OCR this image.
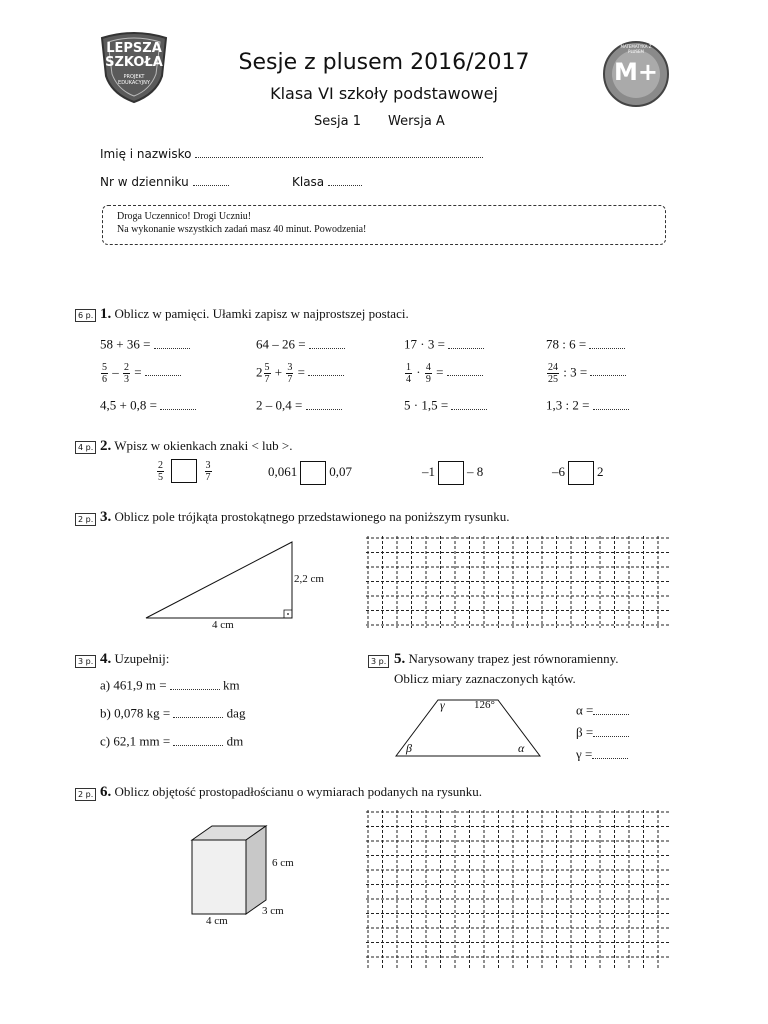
LEPSZA
SZKOŁA
PROJEKT
EDUKACYJNY
Sesje z plusem 2016/2017
Klasa VI szkoły podstawowej
Sesja 1 Wersja A
M+
MATEMATYKA Z PLUSEM
Imię i nazwisko
Nr w dzienniku	Klasa
Droga Uczennico! Drogi Uczniu!
Na wykonanie wszystkich zadań masz 40 minut. Powodzenia!
6 p. 1. Oblicz w pamięci. Ułamki zapisz w najprostszej postaci.
58 + 36 =	64 – 26 =	17 · 3 =	78 : 6 =
$\frac{5}{6} - \frac{2}{3}$ =	$2 \frac{5}{7} + \frac{3}{7}$ =	$\frac{1}{4} \cdot \frac{4}{9}$ =	$\frac{24}{25}$ : 3 =
4,5 + 0,8 =	2 – 0,4 =	5 · 1,5 =	1,3 : 2 =
4 p. 2. Wpisz w okienkach znaki < lub >.
$\frac{2}{5}$
	$\frac{3}{7}$	0,061 0,07	–1 – 8	–6 2
2 p. 3. Oblicz pole trójkąta prostokątnego przedstawionego na poniższym rysunku.
2,2 cm
4 cm
3 p. 4. Uzupełnij:
a) 461,9 m =	km
b) 0,078 kg =	dag
c) 62,1 mm =	dm
3 p. 5. Narysowany trapez jest równoramienny.
Oblicz miary zaznaczonych kątów.
γ	126°
β	α
α =
β =
γ =
2 p. 6. Oblicz objętość prostopadłościanu o wymiarach podanych na rysunku.
6 cm
3 cm
4 cm
